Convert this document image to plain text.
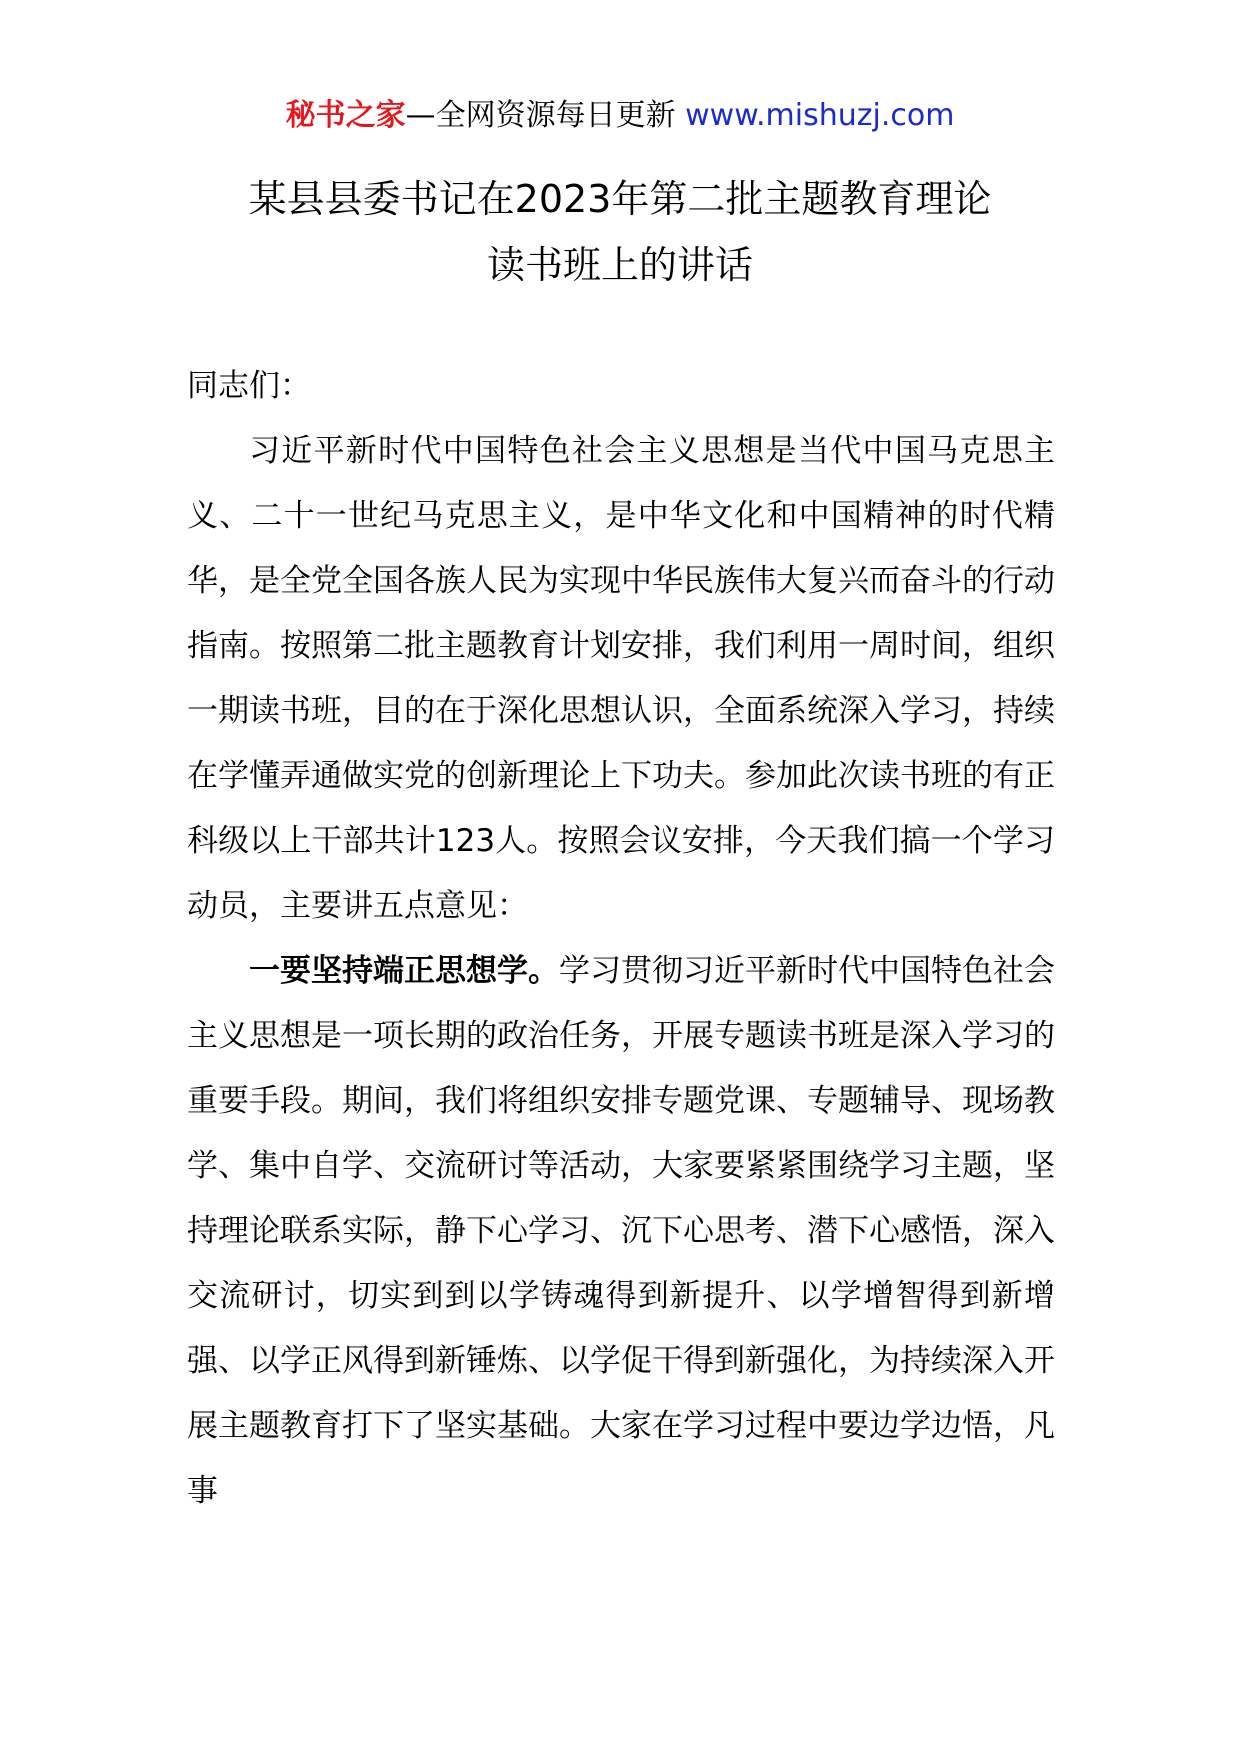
秘书之家—全网资源每日更新 www.mishuzj.com
某县县委书记在2023年第二批主题教育理论
读书班上的讲话

同志们：

习近平新时代中国特色社会主义思想是当代中国马克思主义、二十一世纪马克思主义，是中华文化和中国精神的时代精华，是全党全国各族人民为实现中华民族伟大复兴而奋斗的行动指南。按照第二批主题教育计划安排，我们利用一周时间，组织一期读书班，目的在于深化思想认识，全面系统深入学习，持续在学懂弄通做实党的创新理论上下功夫。参加此次读书班的有正科级以上干部共计123人。按照会议安排，今天我们搞一个学习动员，主要讲五点意见：

一要坚持端正思想学。学习贯彻习近平新时代中国特色社会主义思想是一项长期的政治任务，开展专题读书班是深入学习的重要手段。期间，我们将组织安排专题党课、专题辅导、现场教学、集中自学、交流研讨等活动，大家要紧紧围绕学习主题，坚持理论联系实际，静下心学习、沉下心思考、潜下心感悟，深入交流研讨，切实到到以学铸魂得到新提升、以学增智得到新增强、以学正风得到新锤炼、以学促干得到新强化，为持续深入开展主题教育打下了坚实基础。大家在学习过程中要边学边悟，凡事
